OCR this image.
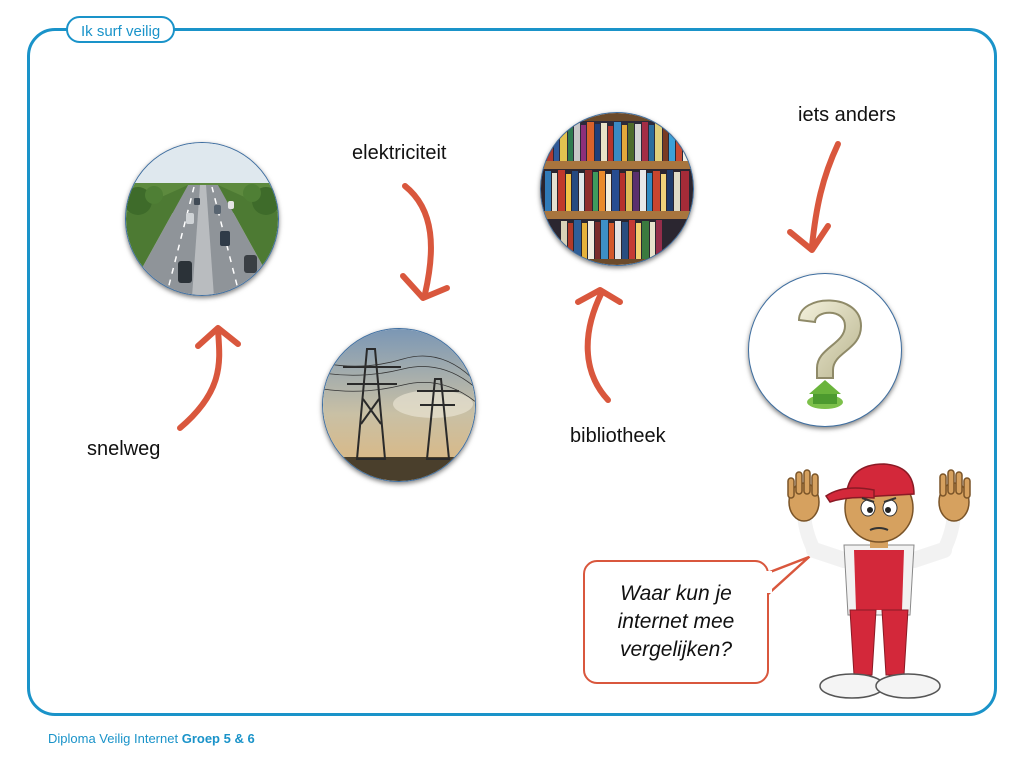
Ik surf veilig
snelweg
elektriciteit
bibliotheek
iets anders
Waar kun je internet mee vergelijken?
Diploma Veilig Internet Groep 5 & 6
